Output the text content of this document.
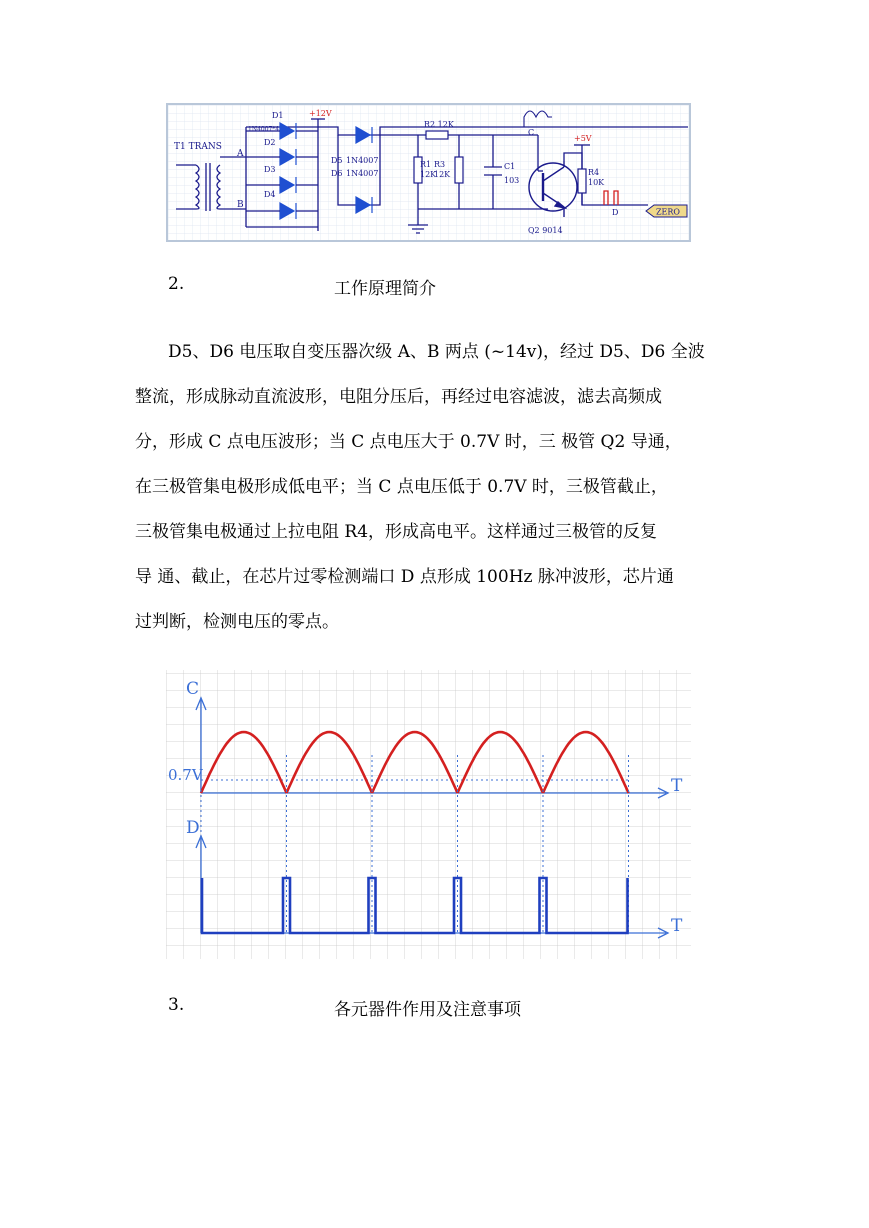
T1 TRANS
A
B
+12V
D1
1N4007*4
D2
D3
D4
D5 1N4007
D6 1N4007
R2 12K
R1
12K
R3
12K
C1
103
C
Q2 9014
+5V
R4
10K
D	ZERO
2.	工作原理简介
D5、D6 电压取自变压器次级 A、B 两点 (~14v)，经过 D5、D6 全波
整流，形成脉动直流波形，电阻分压后，再经过电容滤波，滤去高频成
分，形成 C 点电压波形；当 C 点电压大于 0.7V 时，三 极管 Q2 导通，
在三极管集电极形成低电平；当 C 点电压低于 0.7V 时，三极管截止，
三极管集电极通过上拉电阻 R4，形成高电平。这样通过三极管的反复
导 通、截止，在芯片过零检测端口 D 点形成 100Hz 脉冲波形，芯片通
过判断，检测电压的零点。
C
0.7V
T
D
T
3.	各元器件作用及注意事项
